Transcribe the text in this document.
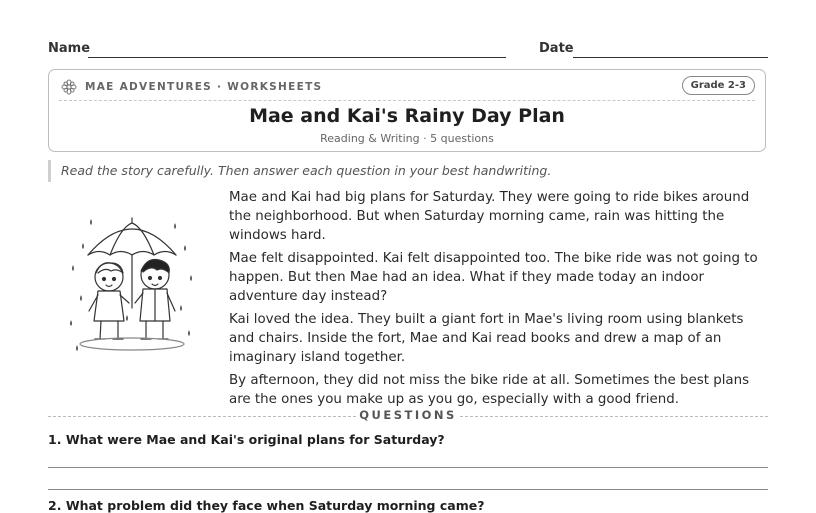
Name	Date
MAE ADVENTURES · WORKSHEETS	Grade 2-3
Mae and Kai's Rainy Day Plan
Reading & Writing · 5 questions
Read the story carefully. Then answer each question in your best handwriting.

Mae and Kai had big plans for Saturday. They were going to ride bikes around the neighborhood. But when Saturday morning came, rain was hitting the windows hard.

Mae felt disappointed. Kai felt disappointed too. The bike ride was not going to happen. But then Mae had an idea. What if they made today an indoor adventure day instead?

Kai loved the idea. They built a giant fort in Mae's living room using blankets and chairs. Inside the fort, Mae and Kai read books and drew a map of an imaginary island together.

By afternoon, they did not miss the bike ride at all. Sometimes the best plans are the ones you make up as you go, especially with a good friend.

QUESTIONS
1. What were Mae and Kai's original plans for Saturday?
2. What problem did they face when Saturday morning came?
